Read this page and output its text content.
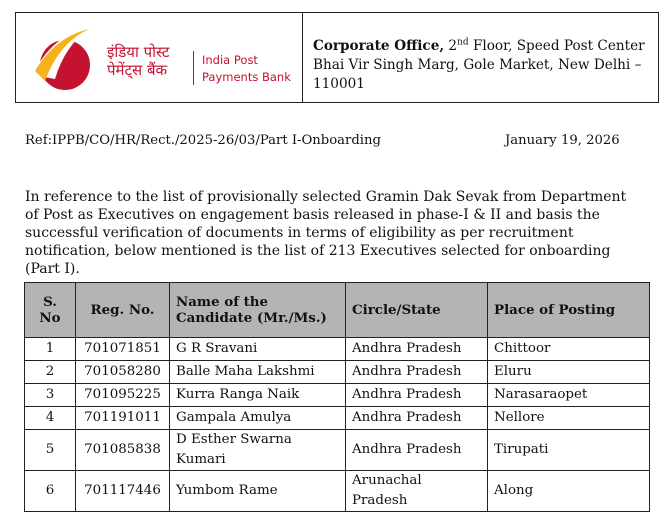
इंडिया पोस्ट
पेमेंट्स बैंक
India Post
Payments Bank
Corporate Office, 2nd Floor, Speed Post Center Bhai Vir Singh Marg, Gole Market, New Delhi – 110001
Ref:IPPB/CO/HR/Rect./2025-26/03/Part I-Onboarding	January 19, 2026
In reference to the list of provisionally selected Gramin Dak Sevak from Department of Post as Executives on engagement basis released in phase-I & II and basis the successful verification of documents in terms of eligibility as per recruitment notification, below mentioned is the list of 213 Executives selected for onboarding (Part I).
S. No	Reg. No.	Name of the Candidate (Mr./Ms.)	Circle/State	Place of Posting
1	701071851	G R Sravani	Andhra Pradesh	Chittoor
2	701058280	Balle Maha Lakshmi	Andhra Pradesh	Eluru
3	701095225	Kurra Ranga Naik	Andhra Pradesh	Narasaraopet
4	701191011	Gampala Amulya	Andhra Pradesh	Nellore
5	701085838	D Esther Swarna Kumari	Andhra Pradesh	Tirupati
6	701117446	Yumbom Rame	Arunachal Pradesh	Along
